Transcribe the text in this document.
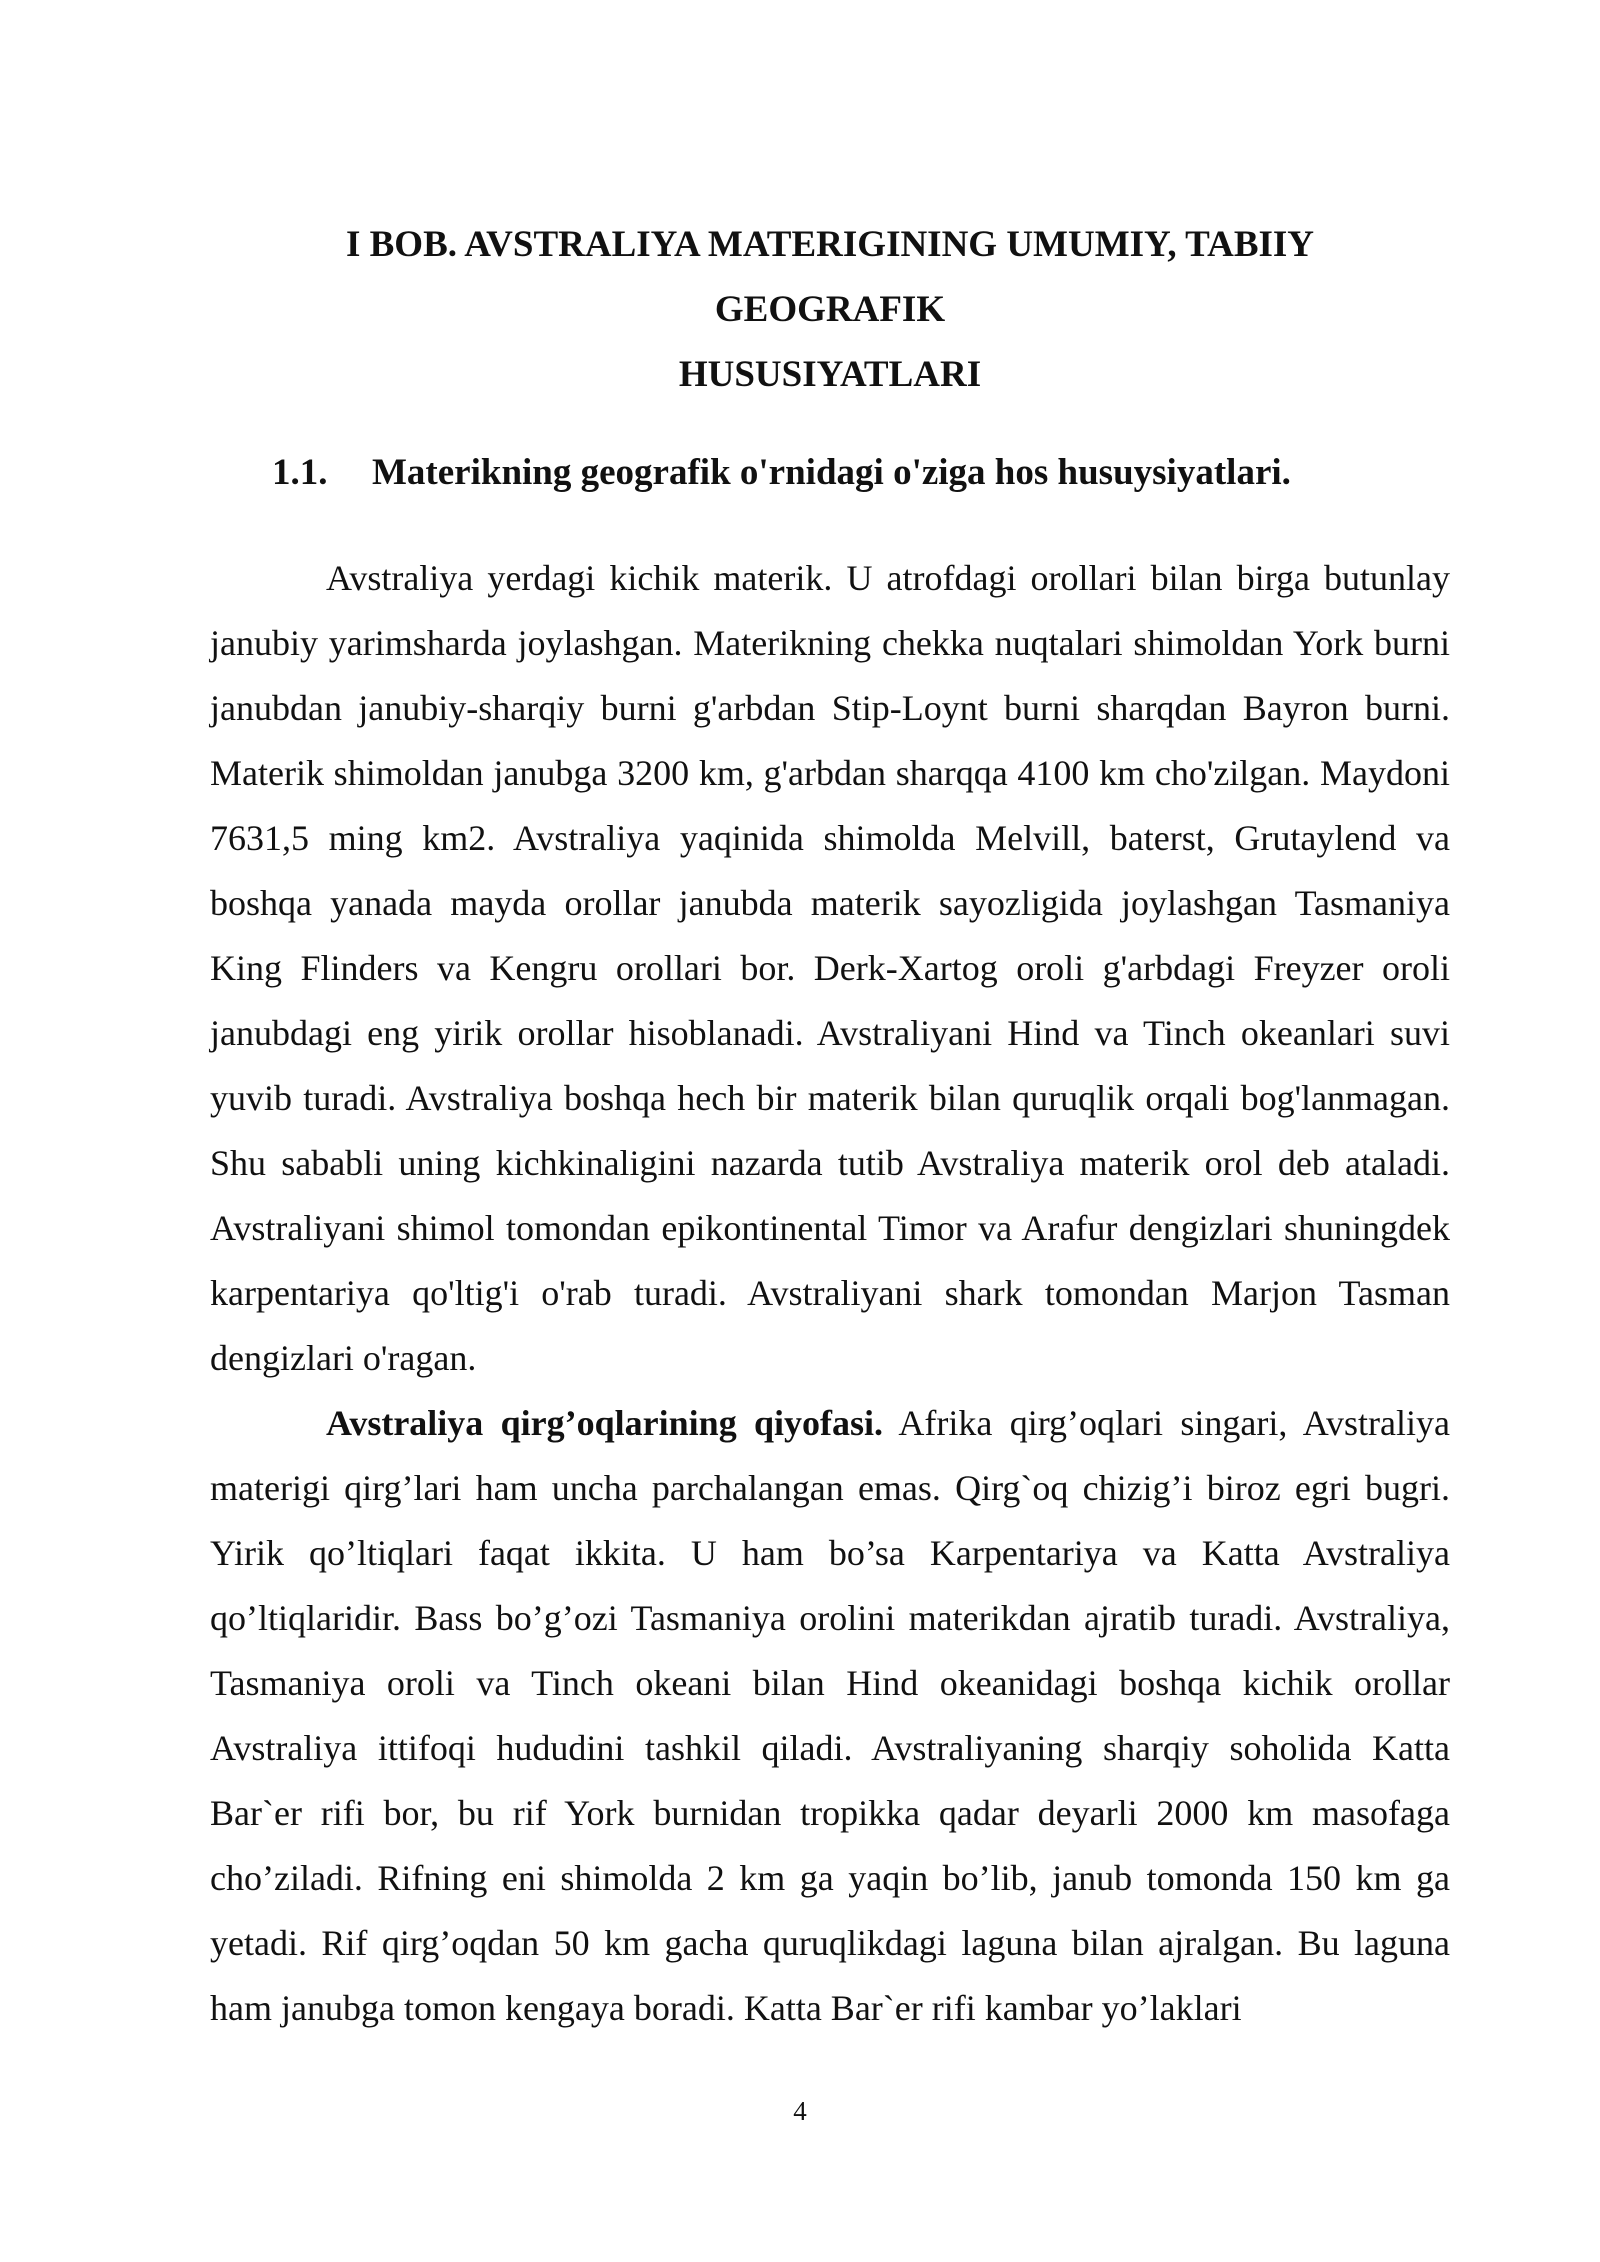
I BOB. AVSTRALIYA MATERIGINING UMUMIY, TABIIY
GEOGRAFIK
HUSUSIYATLARI
1.1. Materikning geografik o'rnidagi o'ziga hos husuysiyatlari.

Avstraliya yerdagi kichik materik. U atrofdagi orollari bilan birga butunlay janubiy yarimsharda joylashgan. Materikning chekka nuqtalari shimoldan York burni janubdan janubiy-sharqiy burni g'arbdan Stip-Loynt burni sharqdan Bayron burni. Materik shimoldan janubga 3200 km, g'arbdan sharqqa 4100 km cho'zilgan. Maydoni 7631,5 ming km2. Avstraliya yaqinida shimolda Melvill, baterst, Grutaylend va boshqa yanada mayda orollar janubda materik sayozligida joylashgan Tasmaniya King Flinders va Kengru orollari bor. Derk-Xartog oroli g'arbdagi Freyzer oroli janubdagi eng yirik orollar hisoblanadi. Avstraliyani Hind va Tinch okeanlari suvi yuvib turadi. Avstraliya boshqa hech bir materik bilan quruqlik orqali bog'lanmagan. Shu sababli uning kichkinaligini nazarda tutib Avstraliya materik orol deb ataladi. Avstraliyani shimol tomondan epikontinental Timor va Arafur dengizlari shuningdek karpentariya qo'ltig'i o'rab turadi. Avstraliyani shark tomondan Marjon Tasman dengizlari o'ragan.

Avstraliya qirg’oqlarining qiyofasi. Afrika qirg’oqlari singari, Avstraliya materigi qirg’lari ham uncha parchalangan emas. Qirg`oq chizig’i biroz egri bugri. Yirik qo’ltiqlari faqat ikkita. U ham bo’sa Karpentariya va Katta Avstraliya qo’ltiqlaridir. Bass bo’g’ozi Tasmaniya orolini materikdan ajratib turadi. Avstraliya, Tasmaniya oroli va Tinch okeani bilan Hind okeanidagi boshqa kichik orollar Avstraliya ittifoqi hududini tashkil qiladi. Avstraliyaning sharqiy soholida Katta Bar`er rifi bor, bu rif York burnidan tropikka qadar deyarli 2000 km masofaga cho’ziladi. Rifning eni shimolda 2 km ga yaqin bo’lib, janub tomonda 150 km ga yetadi. Rif qirg’oqdan 50 km gacha quruqlikdagi laguna bilan ajralgan. Bu laguna ham janubga tomon kengaya boradi. Katta Bar`er rifi kambar yo’laklari

4
